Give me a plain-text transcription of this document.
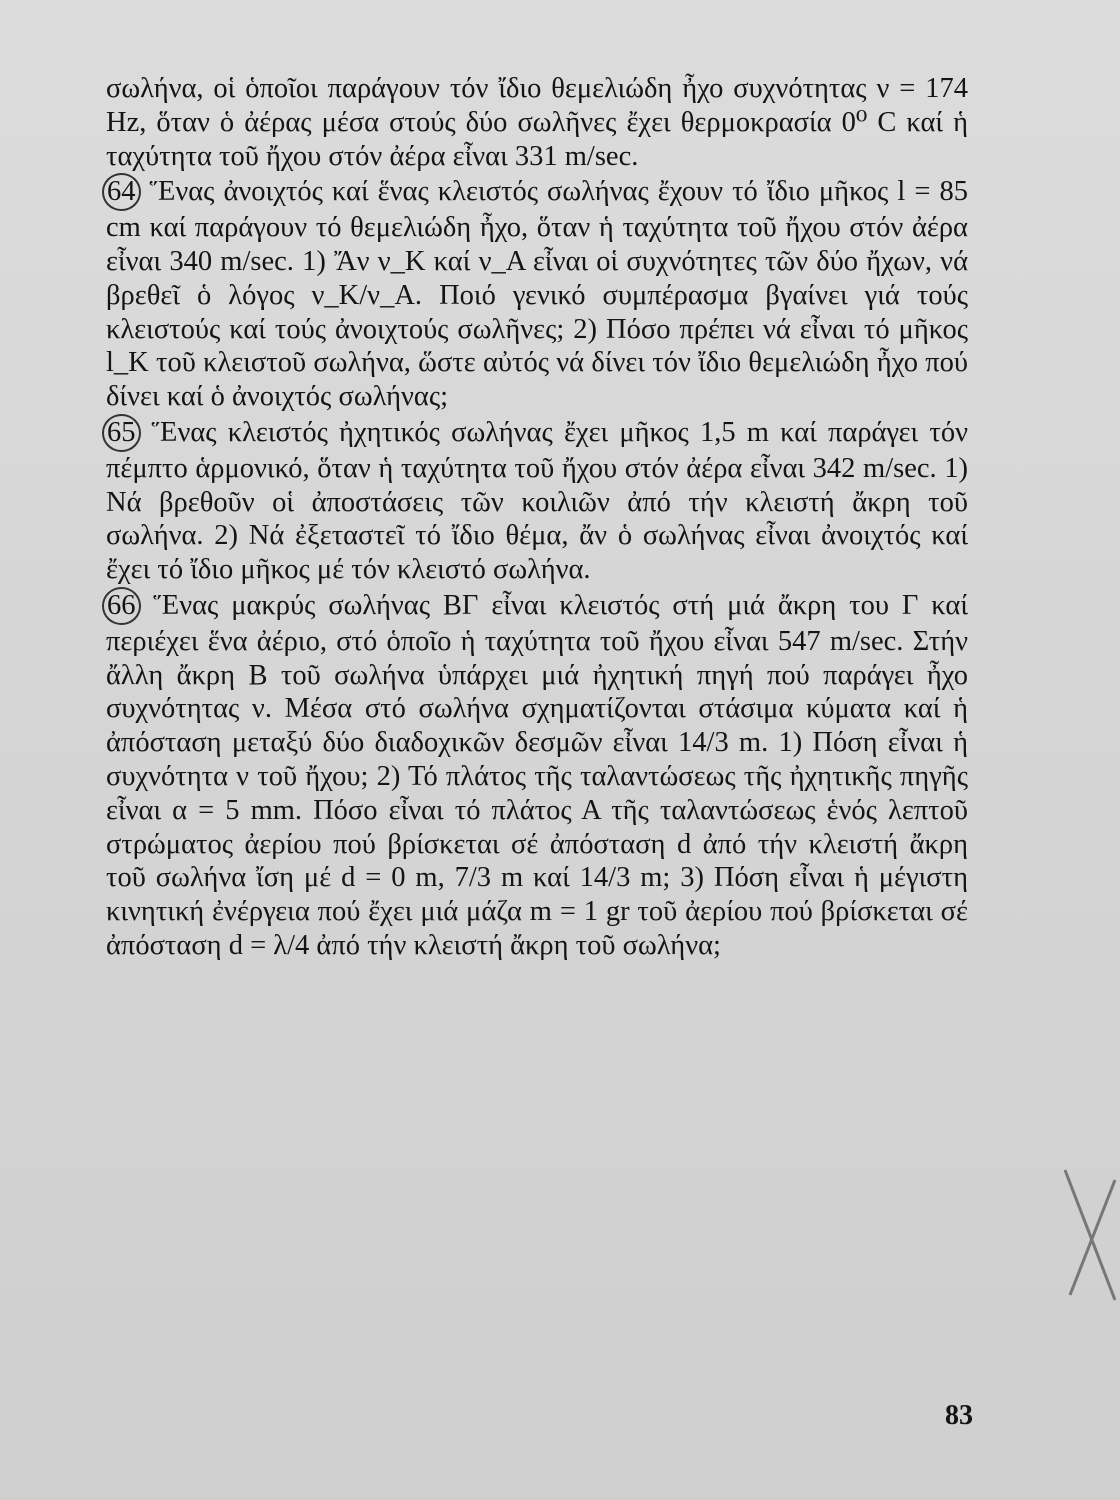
σωλήνα, οἱ ὁποῖοι παράγουν τόν ἴδιο θεμελιώδη ἦχο συχνότητας ν = 174 Hz, ὅταν ὁ ἀέρας μέσα στούς δύο σωλῆνες ἔχει θερμοκρασία 0⁰ C καί ἡ ταχύτητα τοῦ ἤχου στόν ἀέρα εἶναι 331 m/sec.

64 Ἕνας ἀνοιχτός καί ἕνας κλειστός σωλήνας ἔχουν τό ἴδιο μῆκος l = 85 cm καί παράγουν τό θεμελιώδη ἦχο, ὅταν ἡ ταχύτητα τοῦ ἤχου στόν ἀέρα εἶναι 340 m/sec. 1) Ἄν ν_K καί ν_A εἶναι οἱ συχνότητες τῶν δύο ἤχων, νά βρεθεῖ ὁ λόγος ν_K/ν_A. Ποιό γενικό συμπέρασμα βγαίνει γιά τούς κλειστούς καί τούς ἀνοιχτούς σωλῆνες; 2) Πόσο πρέπει νά εἶναι τό μῆκος l_K τοῦ κλειστοῦ σωλήνα, ὥστε αὐτός νά δίνει τόν ἴδιο θεμελιώδη ἦχο πού δίνει καί ὁ ἀνοιχτός σωλήνας;

65 Ἕνας κλειστός ἠχητικός σωλήνας ἔχει μῆκος 1,5 m καί παράγει τόν πέμπτο ἁρμονικό, ὅταν ἡ ταχύτητα τοῦ ἤχου στόν ἀέρα εἶναι 342 m/sec. 1) Νά βρεθοῦν οἱ ἀποστάσεις τῶν κοιλιῶν ἀπό τήν κλειστή ἄκρη τοῦ σωλήνα. 2) Νά ἐξεταστεῖ τό ἴδιο θέμα, ἄν ὁ σωλήνας εἶναι ἀνοιχτός καί ἔχει τό ἴδιο μῆκος μέ τόν κλειστό σωλήνα.

66 Ἕνας μακρύς σωλήνας ΒΓ εἶναι κλειστός στή μιά ἄκρη του Γ καί περιέχει ἕνα ἀέριο, στό ὁποῖο ἡ ταχύτητα τοῦ ἤχου εἶναι 547 m/sec. Στήν ἄλλη ἄκρη Β τοῦ σωλήνα ὑπάρχει μιά ἠχητική πηγή πού παράγει ἦχο συχνότητας ν. Μέσα στό σωλήνα σχηματίζονται στάσιμα κύματα καί ἡ ἀπόσταση μεταξύ δύο διαδοχικῶν δεσμῶν εἶναι 14/3 m. 1) Πόση εἶναι ἡ συχνότητα ν τοῦ ἤχου; 2) Τό πλάτος τῆς ταλαντώσεως τῆς ἠχητικῆς πηγῆς εἶναι α = 5 mm. Πόσο εἶναι τό πλάτος Α τῆς ταλαντώσεως ἑνός λεπτοῦ στρώματος ἀερίου πού βρίσκεται σέ ἀπόσταση d ἀπό τήν κλειστή ἄκρη τοῦ σωλήνα ἴση μέ d = 0 m, 7/3 m καί 14/3 m; 3) Πόση εἶναι ἡ μέγιστη κινητική ἐνέργεια πού ἔχει μιά μάζα m = 1 gr τοῦ ἀερίου πού βρίσκεται σέ ἀπόσταση d = λ/4 ἀπό τήν κλειστή ἄκρη τοῦ σωλήνα;

83
